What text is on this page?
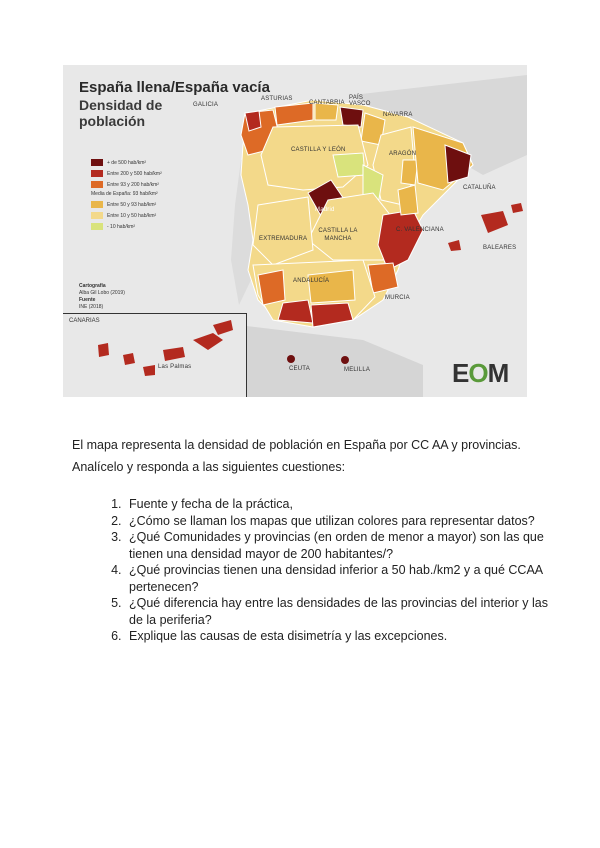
España llena/España vacía
Densidad de población
+ de 500 hab/km²
Entre 200 y 500 hab/km²
Entre 93 y 200 hab/km²
Media de España: 93 hab/km²
Entre 50 y 93 hab/km²
Entre 10 y 50 hab/km²
- 10 hab/km²
Cartografía
Alba Gil Lobo (2019)
Fuente
INE (2018)
GALICIA
ASTURIAS
CANTABRIA
PAÍS VASCO
NAVARRA
CASTILLA Y LEÓN
ARAGÓN
CATALUÑA
Madrid
EXTREMADURA
CASTILLA LA MANCHA
C. VALENCIANA
BALEARES
MURCIA
ANDALUCÍA
CEUTA	MELILLA
CANARIAS
Las Palmas	EOM
El mapa representa la densidad de población en España por CC AA y provincias.
Analícelo y responda a las siguientes cuestiones:
1. Fuente y fecha de la práctica,
2. ¿Cómo se llaman los mapas que utilizan colores para representar datos?
3. ¿Qué Comunidades y provincias (en orden de menor a mayor) son las que tienen una densidad mayor de 200 habitantes/?
4. ¿Qué provincias tienen una densidad inferior a 50 hab./km2 y a qué CCAA pertenecen?
5. ¿Qué diferencia hay entre las densidades de las provincias del interior y las de la periferia?
6. Explique las causas de esta disimetría y las excepciones.
